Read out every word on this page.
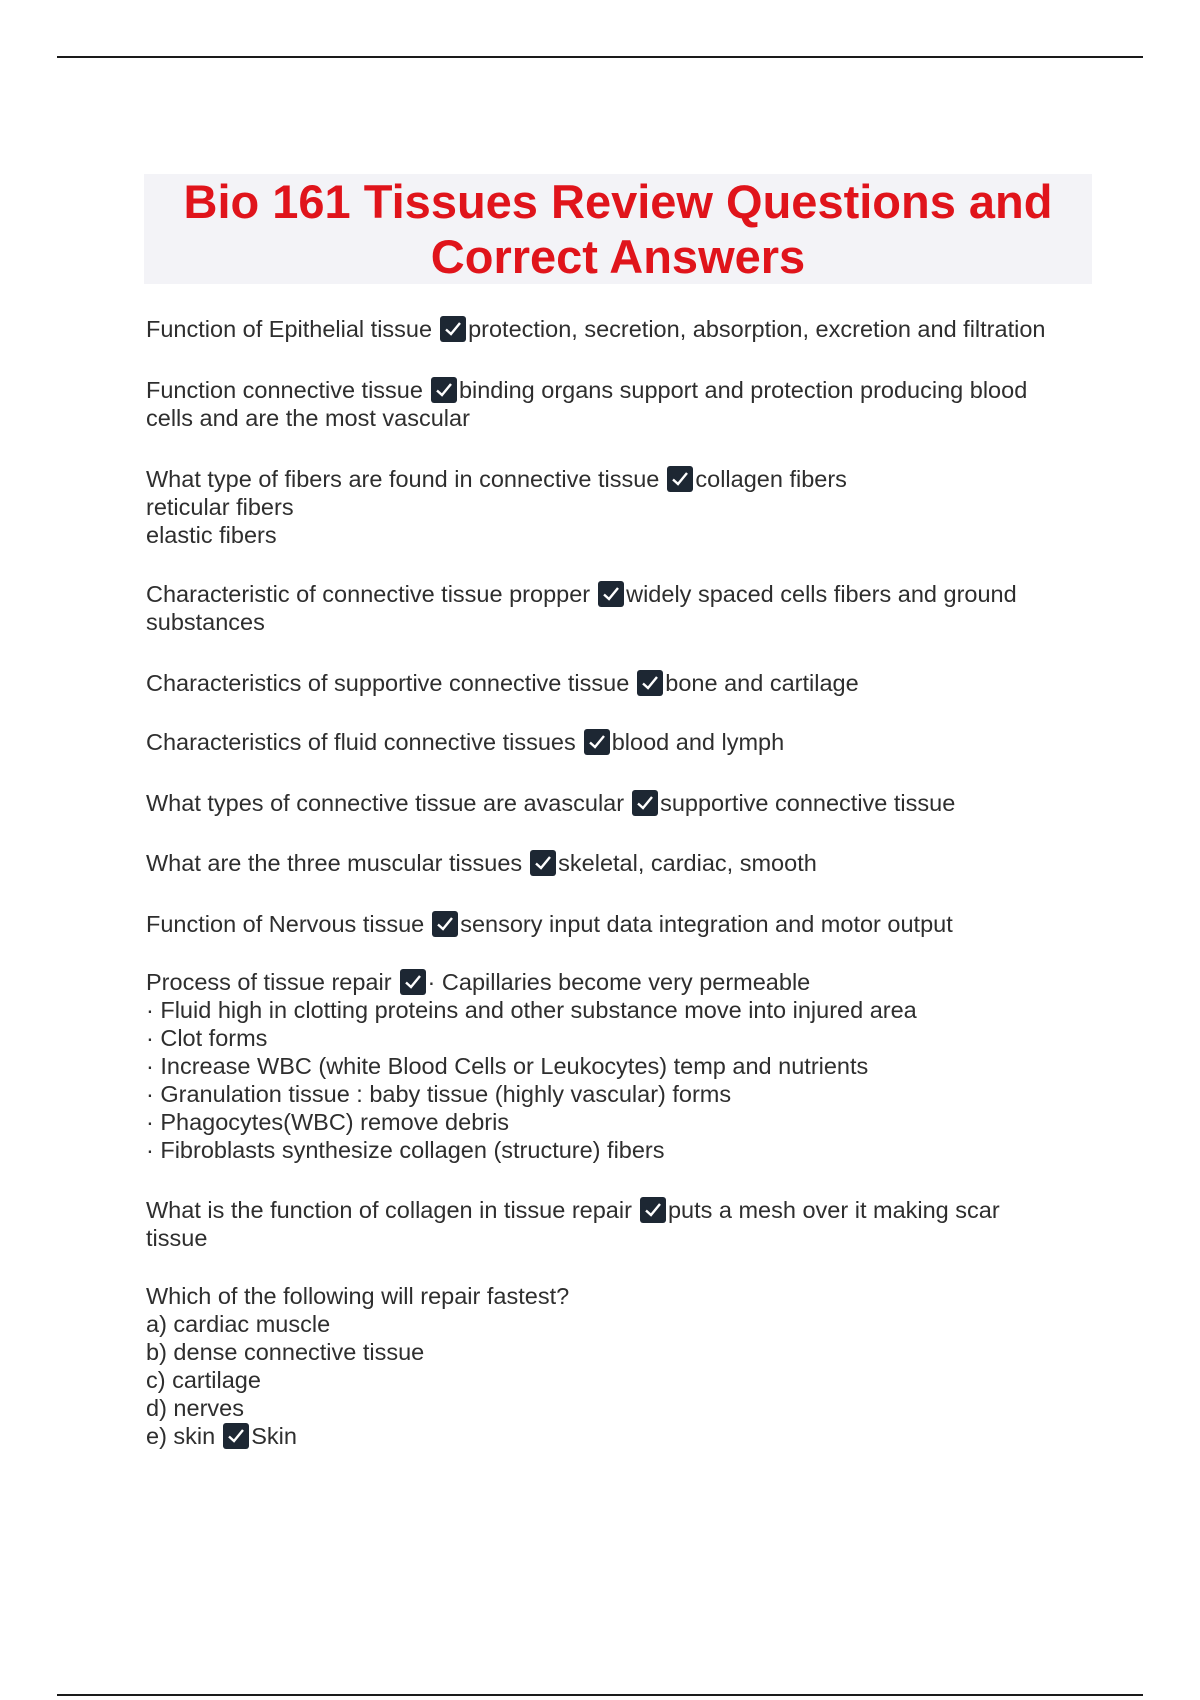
Bio 161 Tissues Review Questions and Correct Answers
Function of Epithelial tissue protection, secretion, absorption, excretion and filtration
Function connective tissue binding organs support and protection producing blood
cells and are the most vascular
What type of fibers are found in connective tissue collagen fibers
reticular fibers
elastic fibers
Characteristic of connective tissue propper widely spaced cells fibers and ground
substances
Characteristics of supportive connective tissue bone and cartilage
Characteristics of fluid connective tissues blood and lymph
What types of connective tissue are avascular supportive connective tissue
What are the three muscular tissues skeletal, cardiac, smooth
Function of Nervous tissue sensory input data integration and motor output
Process of tissue repair · Capillaries become very permeable
· Fluid high in clotting proteins and other substance move into injured area
· Clot forms
· Increase WBC (white Blood Cells or Leukocytes) temp and nutrients
· Granulation tissue : baby tissue (highly vascular) forms
· Phagocytes(WBC) remove debris
· Fibroblasts synthesize collagen (structure) fibers
What is the function of collagen in tissue repair puts a mesh over it making scar
tissue
Which of the following will repair fastest?
a) cardiac muscle
b) dense connective tissue
c) cartilage
d) nerves
e) skin Skin
